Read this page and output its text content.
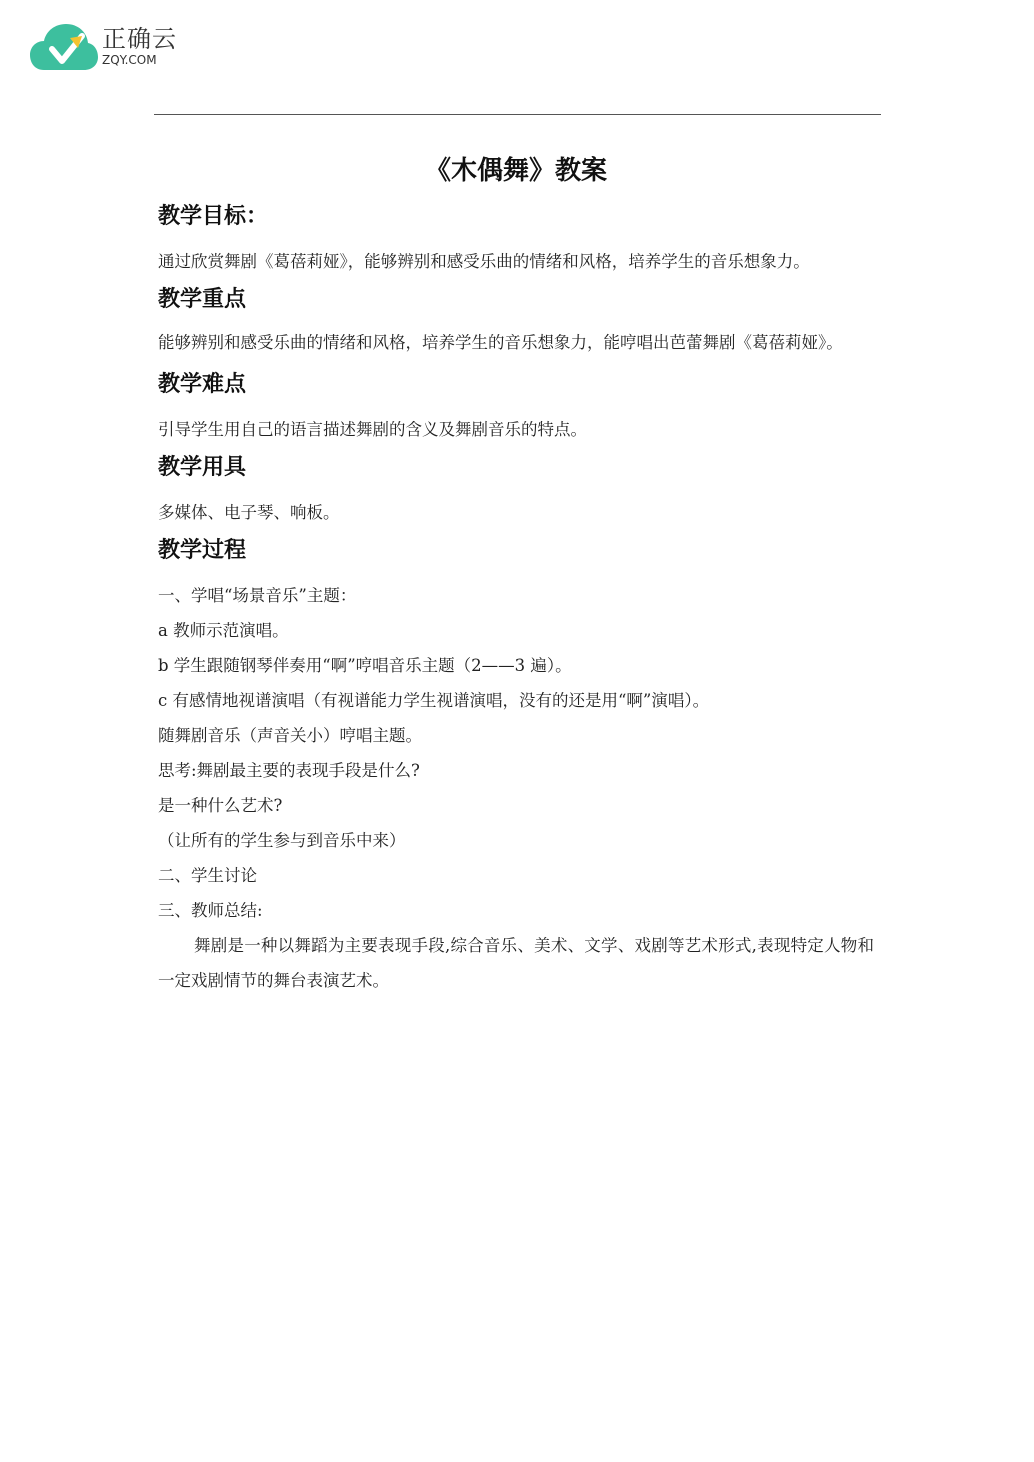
正确云
ZQY.COM
《木偶舞》教案
教学目标：

通过欣赏舞剧《葛蓓莉娅》，能够辨别和感受乐曲的情绪和风格，培养学生的音乐想象力。

教学重点

能够辨别和感受乐曲的情绪和风格，培养学生的音乐想象力，能哼唱出芭蕾舞剧《葛蓓莉娅》。

教学难点

引导学生用自己的语言描述舞剧的含义及舞剧音乐的特点。

教学用具

多媒体、电子琴、响板。

教学过程

一、学唱“场景音乐”主题：

a 教师示范演唱。

b 学生跟随钢琴伴奏用“啊”哼唱音乐主题（2——3 遍）。

c 有感情地视谱演唱（有视谱能力学生视谱演唱，没有的还是用“啊”演唱）。

随舞剧音乐（声音关小）哼唱主题。

思考:舞剧最主要的表现手段是什么?

是一种什么艺术?

（让所有的学生参与到音乐中来）

二、学生讨论

三、教师总结:

舞剧是一种以舞蹈为主要表现手段,综合音乐、美术、文学、戏剧等艺术形式,表现特定人物和一定戏剧情节的舞台表演艺术。
